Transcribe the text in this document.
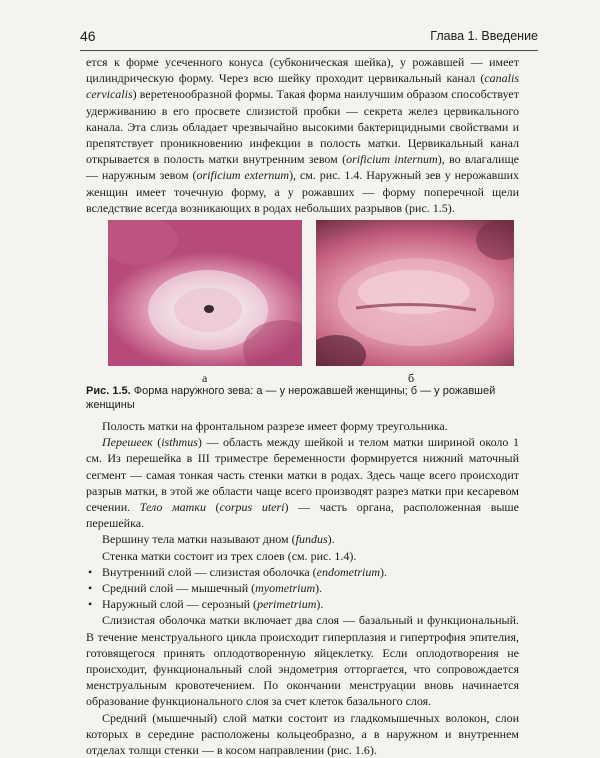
46	Глава 1. Введение

ется к форме усеченного конуса (субконическая шейка), у рожавшей — имеет цилиндрическую форму. Через всю шейку проходит цервикальный канал (canalis cervicalis) веретенообразной формы. Такая форма наилучшим образом способствует удерживанию в его просвете слизистой пробки — секрета желез цервикального канала. Эта слизь обладает чрезвычайно высокими бактерицидными свойствами и препятствует проникновению инфекции в полость матки. Цервикальный канал открывается в полость матки внутренним зевом (orificium internum), во влагалище — наружным зевом (orificium externum), см. рис. 1.4. Наружный зев у нерожавших женщин имеет точечную форму, а у рожавших — форму поперечной щели вследствие всегда возникающих в родах небольших разрывов (рис. 1.5).

а	б
Рис. 1.5. Форма наружного зева: а — у нерожавшей женщины; б — у рожавшей женщины

Полость матки на фронтальном разрезе имеет форму треугольника.

Перешеек (isthmus) — область между шейкой и телом матки шириной около 1 см. Из перешейка в III триместре беременности формируется нижний маточный сегмент — самая тонкая часть стенки матки в родах. Здесь чаще всего происходит разрыв матки, в этой же области чаще всего производят разрез матки при кесаревом сечении. Тело матки (corpus uteri) — часть органа, расположенная выше перешейка.

Вершину тела матки называют дном (fundus).

Стенка матки состоит из трех слоев (см. рис. 1.4).

• Внутренний слой — слизистая оболочка (endometrium).
• Средний слой — мышечный (myometrium).
• Наружный слой — серозный (perimetrium).

Слизистая оболочка матки включает два слоя — базальный и функциональный. В течение менструального цикла происходит гиперплазия и гипертрофия эпителия, готовящегося принять оплодотворенную яйцеклетку. Если оплодотворения не происходит, функциональный слой эндометрия отторгается, что сопровождается менструальным кровотечением. По окончании менструации вновь начинается образование функционального слоя за счет клеток базального слоя.

Средний (мышечный) слой матки состоит из гладкомышечных волокон, слои которых в середине расположены кольцеобразно, а в наружном и внутреннем отделах толщи стенки — в косом направлении (рис. 1.6).
